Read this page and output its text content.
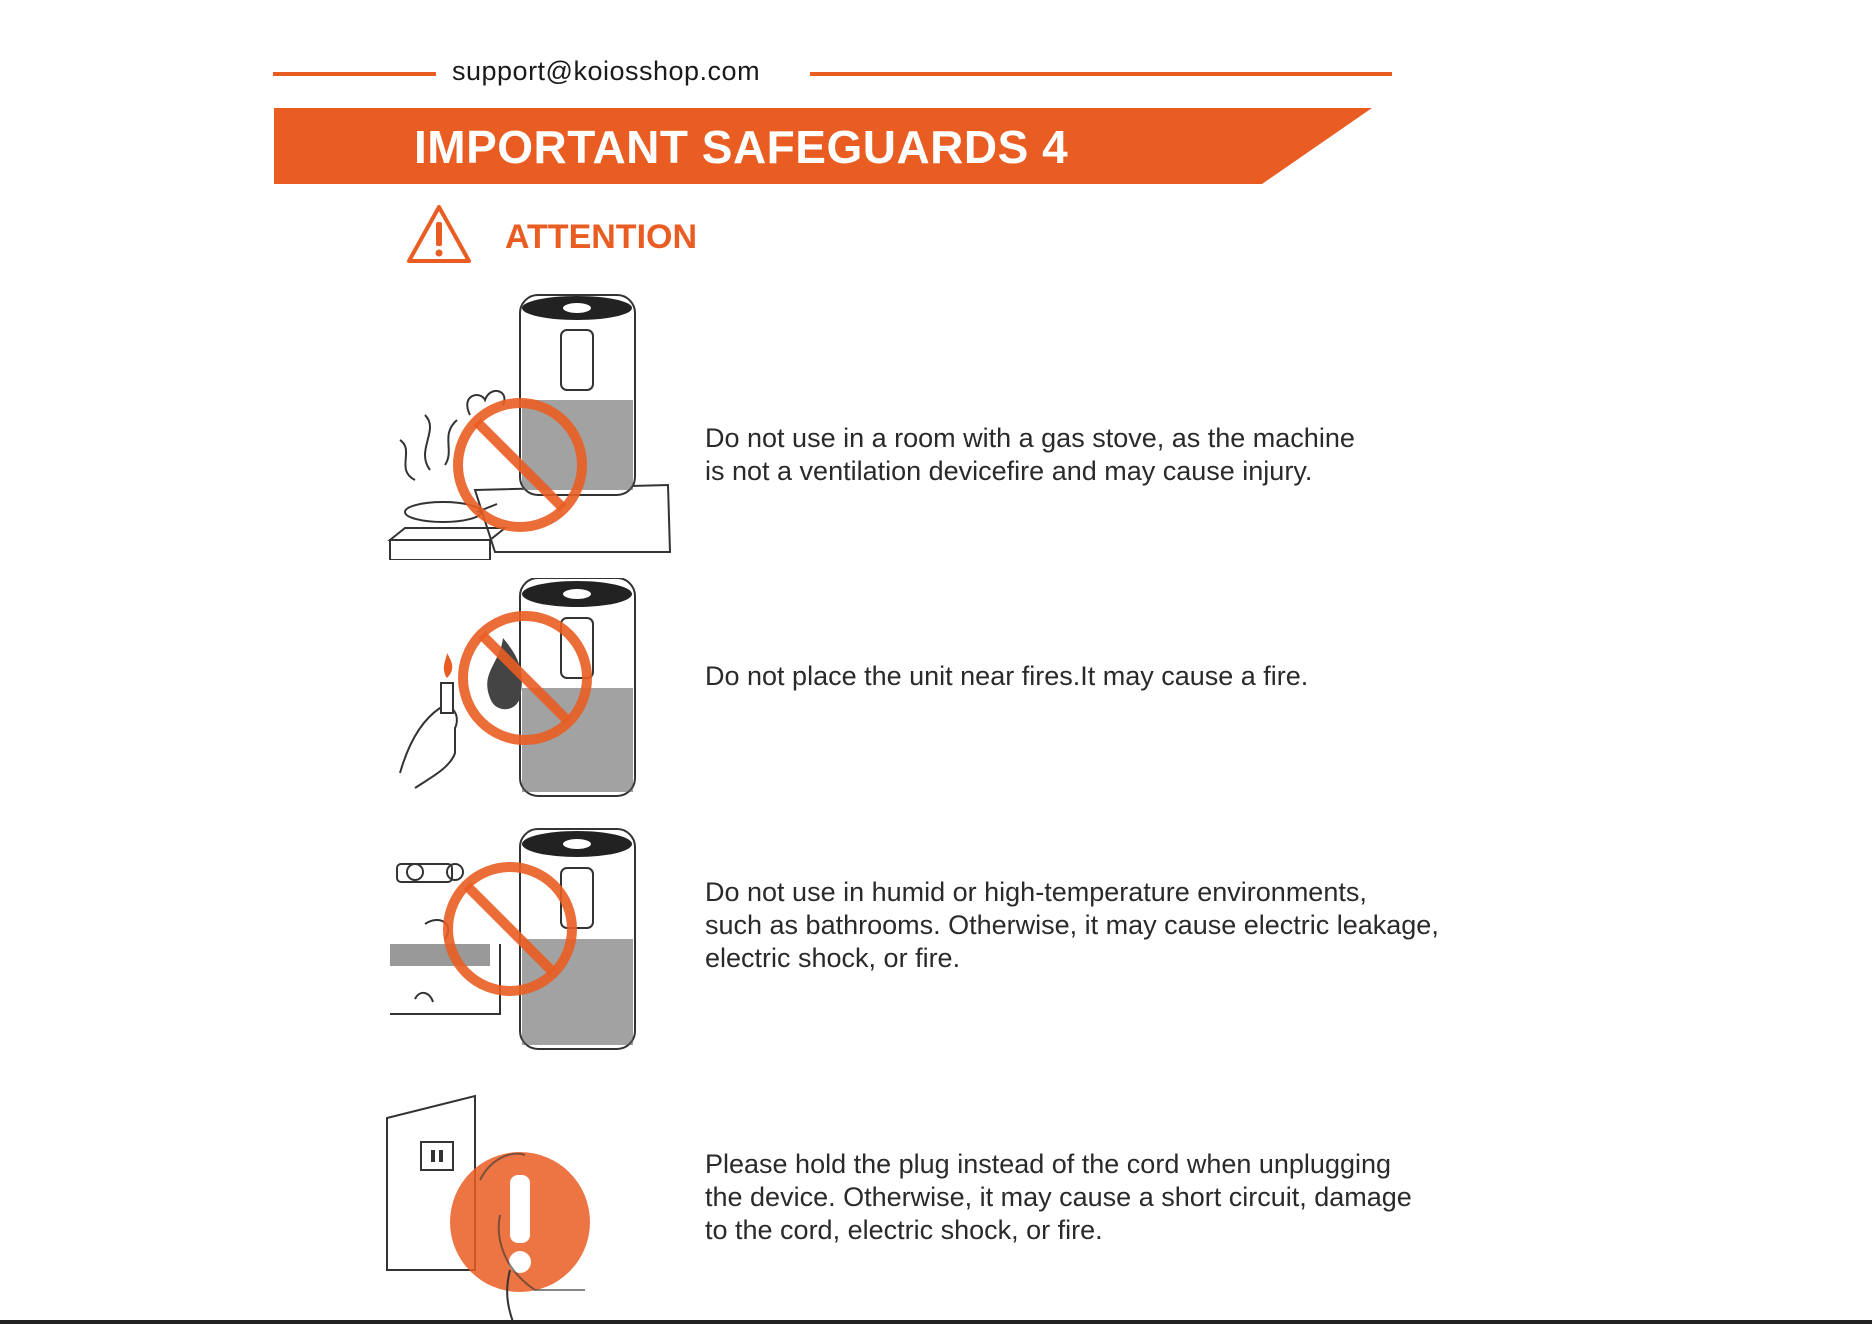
support@koiosshop.com
IMPORTANT SAFEGUARDS 4
ATTENTION
Do not use in a room with a gas stove, as the machine
is not a ventilation devicefire and may cause injury.
Do not place the unit near fires.It may cause a fire.
Do not use in humid or high-temperature environments,
such as bathrooms. Otherwise, it may cause electric leakage,
electric shock, or fire.
Please hold the plug instead of the cord when unplugging
the device. Otherwise, it may cause a short circuit, damage
to the cord, electric shock, or fire.
